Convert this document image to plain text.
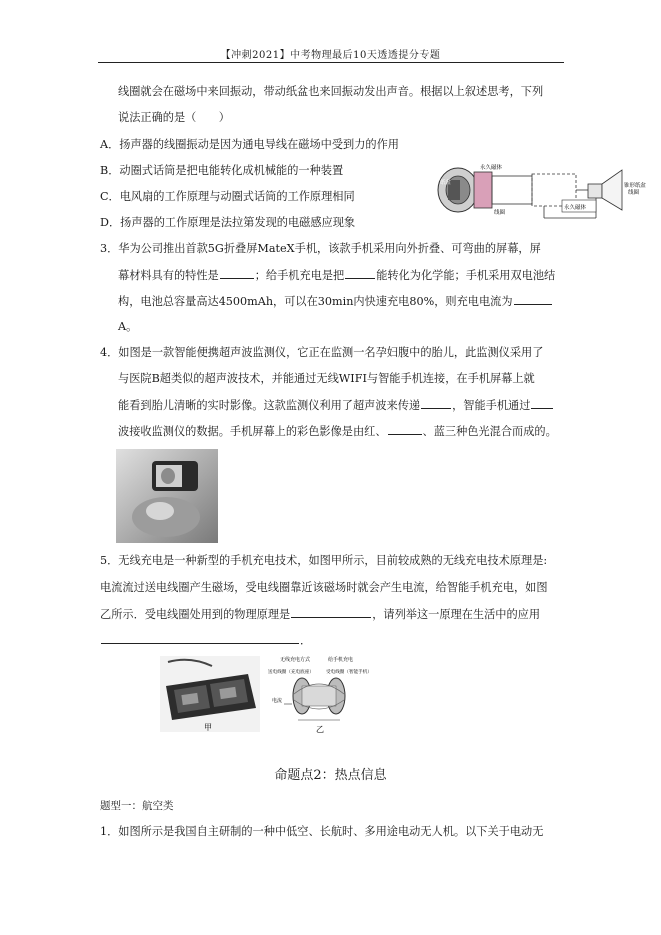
【冲刺2021】中考物理最后10天透透提分专题
线圈就会在磁场中来回振动，带动纸盆也来回振动发出声音。根据以上叙述思考，下列
说法正确的是（　　）
A．扬声器的线圈振动是因为通电导线在磁场中受到力的作用
B．动圈式话筒是把电能转化成机械能的一种装置
C．电风扇的工作原理与动圈式话筒的工作原理相同
D．扬声器的工作原理是法拉第发现的电磁感应现象
永久磁体
纸盆
线圈
永久磁体
线圈
锥形纸盆
3．华为公司推出首款5G折叠屏MateX手机，该款手机采用向外折叠、可弯曲的屏幕，屏
幕材料具有的特性是	；给手机充电是把	能转化为化学能；手机采用双电池结
构，电池总容量高达4500mAh，可以在30min内快速充电80%，则充电电流为
A。
4．如图是一款智能便携超声波监测仪，它正在监测一名孕妇腹中的胎儿，此监测仪采用了
与医院B超类似的超声波技术，并能通过无线WIFI与智能手机连接，在手机屏幕上就
能看到胎儿清晰的实时影像。这款监测仪利用了超声波来传递	，智能手机通过
波接收监测仪的数据。手机屏幕上的彩色影像是由红、	、蓝三种色光混合而成的。
5．无线充电是一种新型的手机充电技术，如图甲所示，目前较成熟的无线充电技术原理是:
电流流过送电线圈产生磁场，受电线圈靠近该磁场时就会产生电流，给智能手机充电，如图
乙所示．受电线圈处用到的物理原理是	，请列举这一原理在生活中的应用
．
甲
无线充电方式	给手机充电
送电线圈（充电底座）	受电线圈（智能手机）
电流
乙
命题点2：热点信息
题型一：航空类
1．如图所示是我国自主研制的一种中低空、长航时、多用途电动无人机。以下关于电动无
